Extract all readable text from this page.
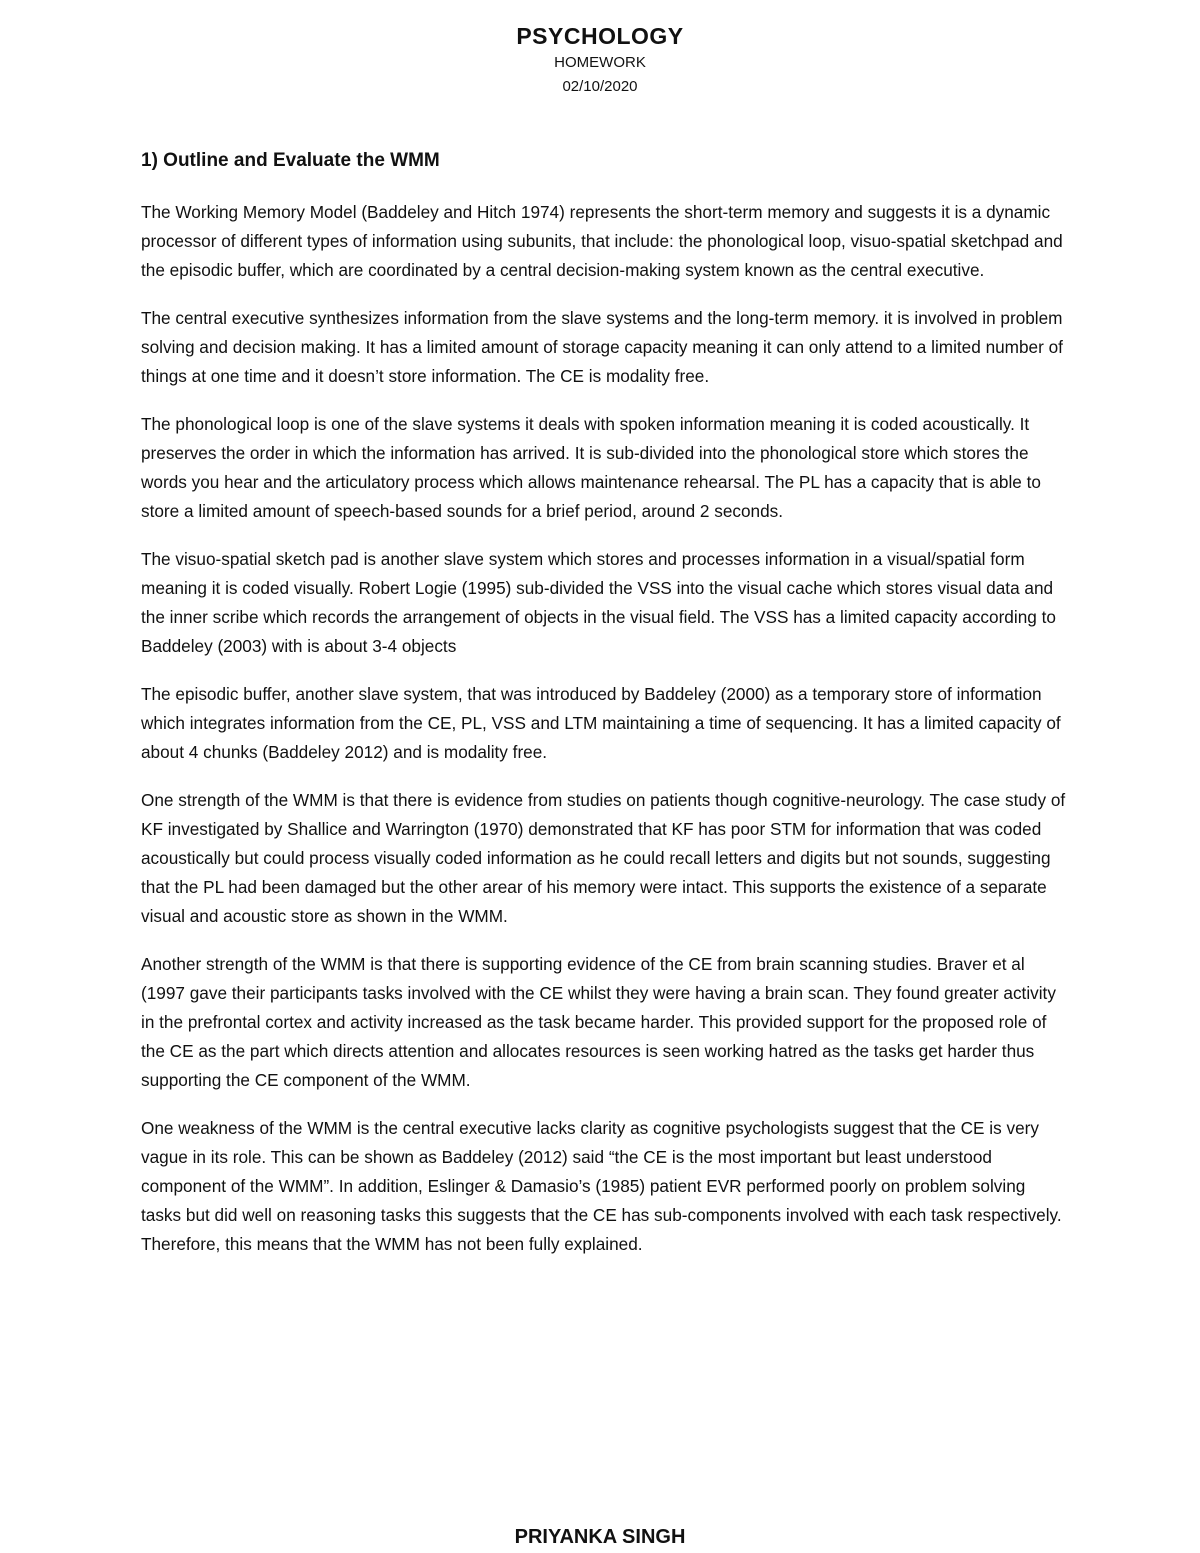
PSYCHOLOGY
HOMEWORK
02/10/2020
1) Outline and Evaluate the WMM

The Working Memory Model (Baddeley and Hitch 1974) represents the short-term memory and suggests it is a dynamic processor of different types of information using subunits, that include: the phonological loop, visuo-spatial sketchpad and the episodic buffer, which are coordinated by a central decision-making system known as the central executive.

The central executive synthesizes information from the slave systems and the long-term memory. it is involved in problem solving and decision making. It has a limited amount of storage capacity meaning it can only attend to a limited number of things at one time and it doesn’t store information. The CE is modality free.

The phonological loop is one of the slave systems it deals with spoken information meaning it is coded acoustically. It preserves the order in which the information has arrived. It is sub-divided into the phonological store which stores the words you hear and the articulatory process which allows maintenance rehearsal. The PL has a capacity that is able to store a limited amount of speech-based sounds for a brief period, around 2 seconds.

The visuo-spatial sketch pad is another slave system which stores and processes information in a visual/spatial form meaning it is coded visually. Robert Logie (1995) sub-divided the VSS into the visual cache which stores visual data and the inner scribe which records the arrangement of objects in the visual field. The VSS has a limited capacity according to Baddeley (2003) with is about 3-4 objects

The episodic buffer, another slave system, that was introduced by Baddeley (2000) as a temporary store of information which integrates information from the CE, PL, VSS and LTM maintaining a time of sequencing. It has a limited capacity of about 4 chunks (Baddeley 2012) and is modality free.

One strength of the WMM is that there is evidence from studies on patients though cognitive-neurology. The case study of KF investigated by Shallice and Warrington (1970) demonstrated that KF has poor STM for information that was coded acoustically but could process visually coded information as he could recall letters and digits but not sounds, suggesting that the PL had been damaged but the other arear of his memory were intact. This supports the existence of a separate visual and acoustic store as shown in the WMM.

Another strength of the WMM is that there is supporting evidence of the CE from brain scanning studies. Braver et al (1997 gave their participants tasks involved with the CE whilst they were having a brain scan. They found greater activity in the prefrontal cortex and activity increased as the task became harder. This provided support for the proposed role of the CE as the part which directs attention and allocates resources is seen working hatred as the tasks get harder thus supporting the CE component of the WMM.

One weakness of the WMM is the central executive lacks clarity as cognitive psychologists suggest that the CE is very vague in its role. This can be shown as Baddeley (2012) said “the CE is the most important but least understood component of the WMM”. In addition, Eslinger & Damasio’s (1985) patient EVR performed poorly on problem solving tasks but did well on reasoning tasks this suggests that the CE has sub-components involved with each task respectively. Therefore, this means that the WMM has not been fully explained.

PRIYANKA SINGH
